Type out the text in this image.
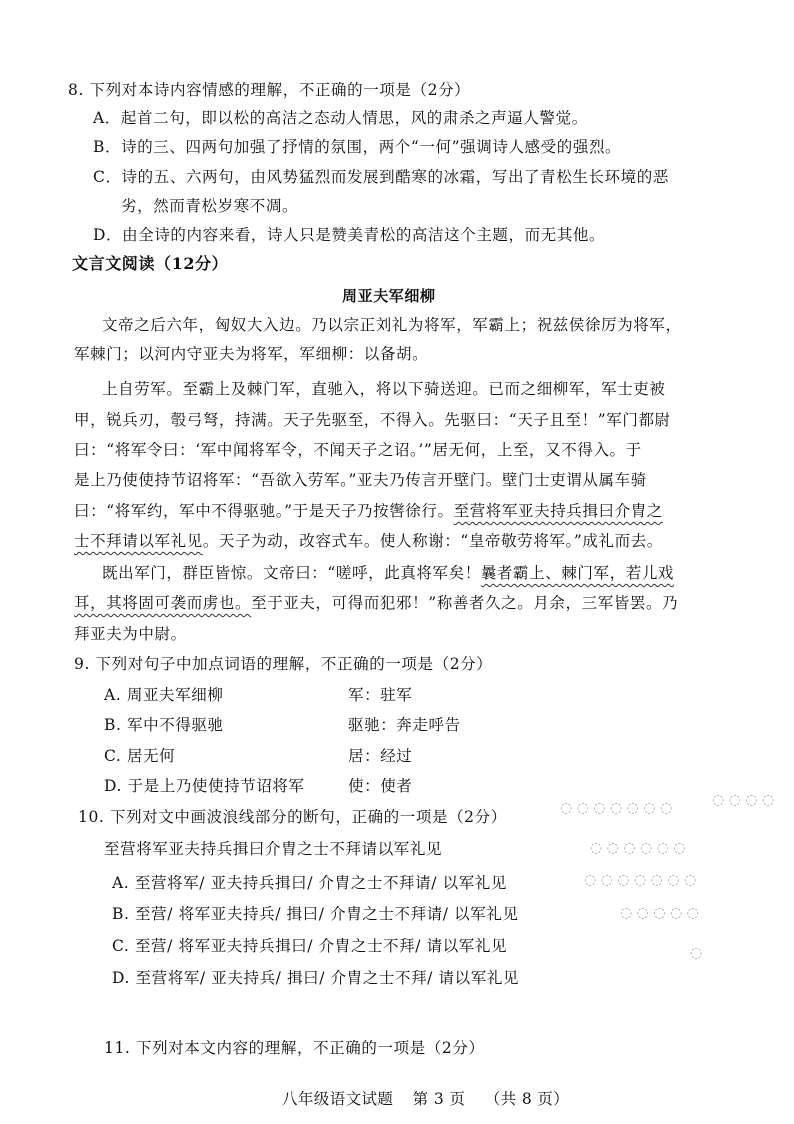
8. 下列对本诗内容情感的理解，不正确的一项是（2分）
A．起首二句，即以松的高洁之态动人情思，风的肃杀之声逼人警觉。
B．诗的三、四两句加强了抒情的氛围，两个“一何”强调诗人感受的强烈。
C．诗的五、六两句，由风势猛烈而发展到酷寒的冰霜，写出了青松生长环境的恶
劣，然而青松岁寒不凋。
D．由全诗的内容来看，诗人只是赞美青松的高洁这个主题，而无其他。
文言文阅读（12分）
周亚夫军细柳
文帝之后六年，匈奴大入边。乃以宗正刘礼为将军，军霸上；祝兹侯徐厉为将军，
军棘门；以河内守亚夫为将军，军细柳：以备胡。
上自劳军。至霸上及棘门军，直驰入，将以下骑送迎。已而之细柳军，军士吏被
甲，锐兵刃，彀弓弩，持满。天子先驱至，不得入。先驱曰：“天子且至！”军门都尉
曰：“将军令曰：‘军中闻将军令，不闻天子之诏。’”居无何，上至，又不得入。于
是上乃使使持节诏将军：“吾欲入劳军。”亚夫乃传言开壁门。壁门士吏谓从属车骑
曰：“将军约，军中不得驱驰。”于是天子乃按辔徐行。至营将军亚夫持兵揖曰介胄之
士不拜请以军礼见。天子为动，改容式车。使人称谢：“皇帝敬劳将军。”成礼而去。
既出军门，群臣皆惊。文帝曰：“嗟呼，此真将军矣！曩者霸上、棘门军，若儿戏
耳，其将固可袭而虏也。至于亚夫，可得而犯邪！”称善者久之。月余，三军皆罢。乃
拜亚夫为中尉。
9. 下列对句子中加点词语的理解，不正确的一项是（2分）
A. 周亚夫军细柳	军：驻军
B. 军中不得驱驰	驱驰：奔走呼告
C. 居无何	居：经过
D. 于是上乃使使持节诏将军	使：使者
10. 下列对文中画波浪线部分的断句，正确的一项是（2分）
至营将军亚夫持兵揖曰介胄之士不拜请以军礼见
A. 至营将军/ 亚夫持兵揖曰/ 介胄之士不拜请/ 以军礼见
B. 至营/ 将军亚夫持兵/ 揖曰/ 介胄之士不拜请/ 以军礼见
C. 至营/ 将军亚夫持兵揖曰/ 介胄之士不拜/ 请以军礼见
D. 至营将军/ 亚夫持兵/ 揖曰/ 介胄之士不拜/ 请以军礼见
11. 下列对本文内容的理解，不正确的一项是（2分）
◌ ◌ ◌ ◌
◌ ◌ ◌ ◌ ◌ ◌ ◌
◌ ◌ ◌ ◌ ◌ ◌
◌ ◌ ◌ ◌ ◌ ◌ ◌
◌ ◌ ◌ ◌ ◌
◌
八年级语文试题 第 3 页 （共 8 页）
